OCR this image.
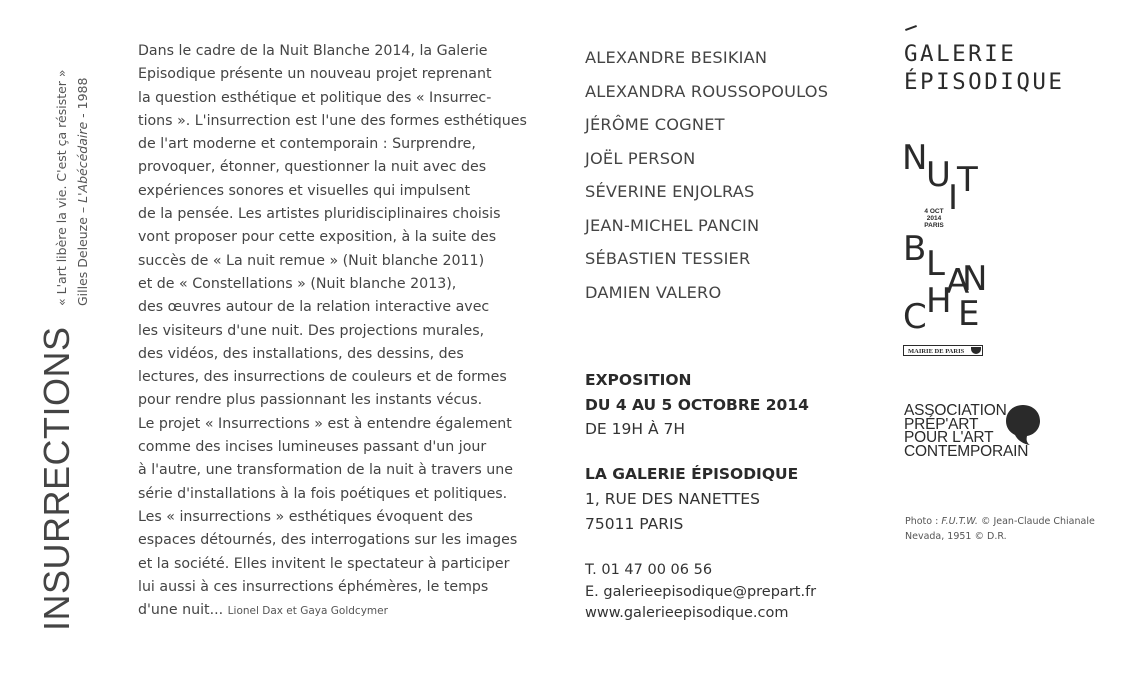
INSURRECTIONS
« L'art libère la vie. C'est ça résister » Gilles Deleuze – L'Abécédaire - 1988
Dans le cadre de la Nuit Blanche 2014, la Galerie
Episodique présente un nouveau projet reprenant
la question esthétique et politique des « Insurrec-
tions ». L'insurrection est l'une des formes esthétiques
de l'art moderne et contemporain : Surprendre,
provoquer, étonner, questionner la nuit avec des
expériences sonores et visuelles qui impulsent
de la pensée. Les artistes pluridisciplinaires choisis
vont proposer pour cette exposition, à la suite des
succès de « La nuit remue » (Nuit blanche 2011)
et de « Constellations » (Nuit blanche 2013),
des œuvres autour de la relation interactive avec
les visiteurs d'une nuit. Des projections murales,
des vidéos, des installations, des dessins, des
lectures, des insurrections de couleurs et de formes
pour rendre plus passionnant les instants vécus.
Le projet « Insurrections » est à entendre également
comme des incises lumineuses passant d'un jour
à l'autre, une transformation de la nuit à travers une
série d'installations à la fois poétiques et politiques.
Les « insurrections » esthétiques évoquent des
espaces détournés, des interrogations sur les images
et la société. Elles invitent le spectateur à participer
lui aussi à ces insurrections éphémères, le temps
d'une nuit... Lionel Dax et Gaya Goldcymer
ALEXANDRE BESIKIAN
ALEXANDRA ROUSSOPOULOS
JÉRÔME COGNET
JOËL PERSON
SÉVERINE ENJOLRAS
JEAN-MICHEL PANCIN
SÉBASTIEN TESSIER
DAMIEN VALERO
EXPOSITION
DU 4 AU 5 OCTOBRE 2014
DE 19H À 7H
LA GALERIE ÉPISODIQUE
1, RUE DES NANETTES
75011 PARIS
T. 01 47 00 06 56
E. galerieepisodique@prepart.fr
www.galerieepisodique.com
GALERIE
ÉPISODIQUE
N
U
I
T
4 OCT
2014
PARIS
B L A
N
C H E
MAIRIE DE PARIS
ASSOCIATION
PRÉP'ART
POUR L'ART
CONTEMPORAIN
Photo : F.U.T.W. © Jean-Claude Chianale
Nevada, 1951 © D.R.
